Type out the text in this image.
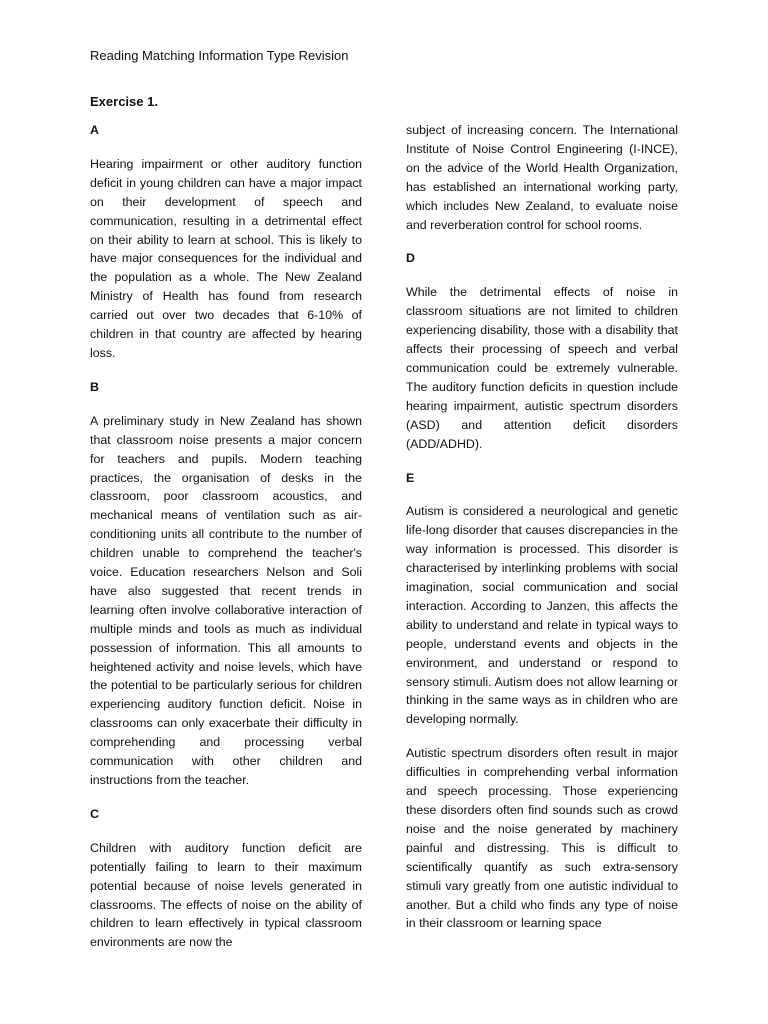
Reading Matching Information Type Revision
Exercise 1.
A

Hearing impairment or other auditory function deficit in young children can have a major impact on their development of speech and communication, resulting in a detrimental effect on their ability to learn at school. This is likely to have major consequences for the individual and the population as a whole. The New Zealand Ministry of Health has found from research carried out over two decades that 6-10% of children in that country are affected by hearing loss.

B

A preliminary study in New Zealand has shown that classroom noise presents a major concern for teachers and pupils. Modern teaching practices, the organisation of desks in the classroom, poor classroom acoustics, and mechanical means of ventilation such as air-conditioning units all contribute to the number of children unable to comprehend the teacher's voice. Education researchers Nelson and Soli have also suggested that recent trends in learning often involve collaborative interaction of multiple minds and tools as much as individual possession of information. This all amounts to heightened activity and noise levels, which have the potential to be particularly serious for children experiencing auditory function deficit. Noise in classrooms can only exacerbate their difficulty in comprehending and processing verbal communication with other children and instructions from the teacher.

C

Children with auditory function deficit are potentially failing to learn to their maximum potential because of noise levels generated in classrooms. The effects of noise on the ability of children to learn effectively in typical classroom environments are now the

subject of increasing concern. The International Institute of Noise Control Engineering (I-INCE), on the advice of the World Health Organization, has established an international working party, which includes New Zealand, to evaluate noise and reverberation control for school rooms.

D

While the detrimental effects of noise in classroom situations are not limited to children experiencing disability, those with a disability that affects their processing of speech and verbal communication could be extremely vulnerable. The auditory function deficits in question include hearing impairment, autistic spectrum disorders (ASD) and attention deficit disorders (ADD/ADHD).

E

Autism is considered a neurological and genetic life-long disorder that causes discrepancies in the way information is processed. This disorder is characterised by interlinking problems with social imagination, social communication and social interaction. According to Janzen, this affects the ability to understand and relate in typical ways to people, understand events and objects in the environment, and understand or respond to sensory stimuli. Autism does not allow learning or thinking in the same ways as in children who are developing normally.

Autistic spectrum disorders often result in major difficulties in comprehending verbal information and speech processing. Those experiencing these disorders often find sounds such as crowd noise and the noise generated by machinery painful and distressing. This is difficult to scientifically quantify as such extra-sensory stimuli vary greatly from one autistic individual to another. But a child who finds any type of noise in their classroom or learning space
